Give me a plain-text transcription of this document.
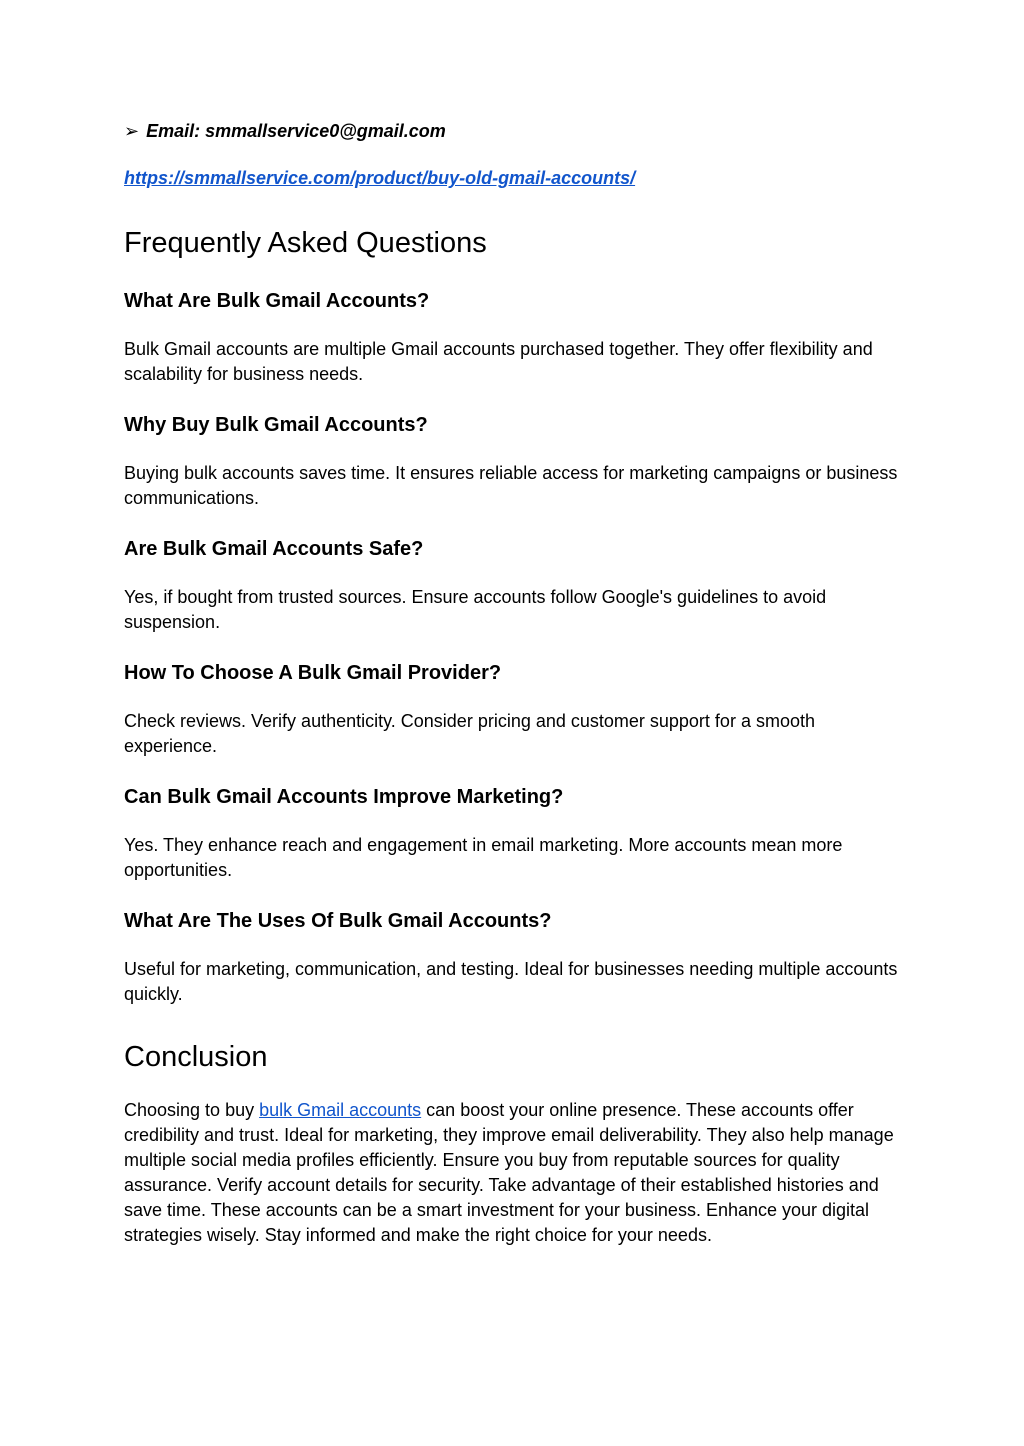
➢ Email: smmallservice0@gmail.com
https://smmallservice.com/product/buy-old-gmail-accounts/
Frequently Asked Questions
What Are Bulk Gmail Accounts?

Bulk Gmail accounts are multiple Gmail accounts purchased together. They offer flexibility and scalability for business needs.

Why Buy Bulk Gmail Accounts?

Buying bulk accounts saves time. It ensures reliable access for marketing campaigns or business communications.

Are Bulk Gmail Accounts Safe?

Yes, if bought from trusted sources. Ensure accounts follow Google's guidelines to avoid suspension.

How To Choose A Bulk Gmail Provider?

Check reviews. Verify authenticity. Consider pricing and customer support for a smooth experience.

Can Bulk Gmail Accounts Improve Marketing?

Yes. They enhance reach and engagement in email marketing. More accounts mean more opportunities.

What Are The Uses Of Bulk Gmail Accounts?

Useful for marketing, communication, and testing. Ideal for businesses needing multiple accounts quickly.

Conclusion

Choosing to buy bulk Gmail accounts can boost your online presence. These accounts offer credibility and trust. Ideal for marketing, they improve email deliverability. They also help manage multiple social media profiles efficiently. Ensure you buy from reputable sources for quality assurance. Verify account details for security. Take advantage of their established histories and save time. These accounts can be a smart investment for your business. Enhance your digital strategies wisely. Stay informed and make the right choice for your needs.
